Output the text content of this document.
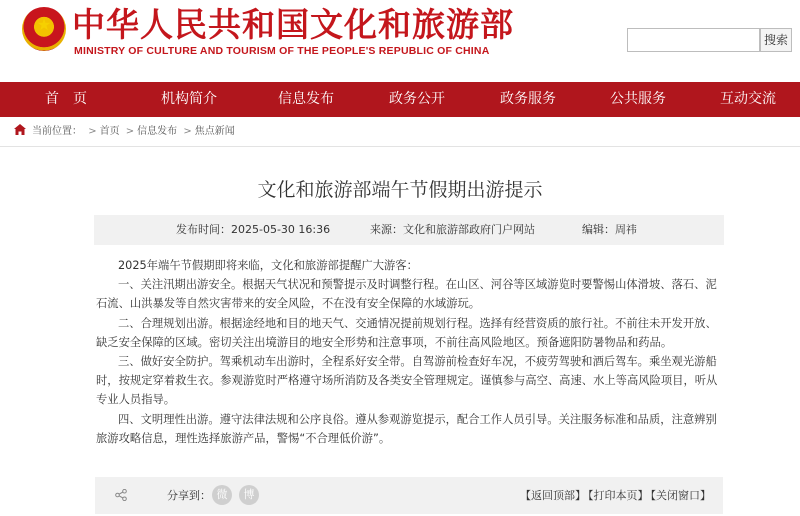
★ 中华人民共和国文化和旅游部
MINISTRY OF CULTURE AND TOURISM OF THE PEOPLE'S REPUBLIC OF CHINA
搜索
首　页	机构简介	信息发布	政务公开	政务服务	公共服务	互动交流
当前位置： > 首页 > 信息发布 > 焦点新闻
文化和旅游部端午节假期出游提示
发布时间：2025-05-30 16:36	来源：文化和旅游部政府门户网站	编辑：周祎

2025年端午节假期即将来临，文化和旅游部提醒广大游客：

一、关注汛期出游安全。根据天气状况和预警提示及时调整行程。在山区、河谷等区域游览时要警惕山体滑坡、落石、泥石流、山洪暴发等自然灾害带来的安全风险，不在没有安全保障的水域游玩。

二、合理规划出游。根据途经地和目的地天气、交通情况提前规划行程。选择有经营资质的旅行社。不前往未开发开放、缺乏安全保障的区域。密切关注出境游目的地安全形势和注意事项，不前往高风险地区。预备遮阳防暑物品和药品。

三、做好安全防护。驾乘机动车出游时，全程系好安全带。自驾游前检查好车况，不疲劳驾驶和酒后驾车。乘坐观光游船时，按规定穿着救生衣。参观游览时严格遵守场所消防及各类安全管理规定。谨慎参与高空、高速、水上等高风险项目，听从专业人员指导。

四、文明理性出游。遵守法律法规和公序良俗。遵从参观游览提示，配合工作人员引导。关注服务标准和品质，注意辨别旅游攻略信息，理性选择旅游产品，警惕“不合理低价游”。

分享到： 微	博	【返回顶部】 【打印本页】 【关闭窗口】
